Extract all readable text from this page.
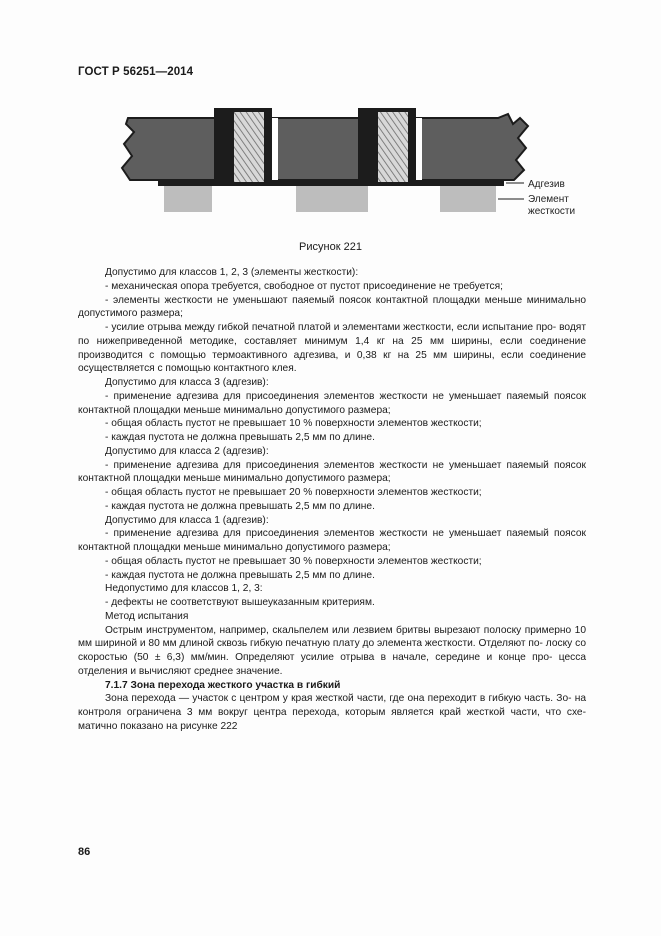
ГОСТ Р 56251—2014
Адгезив
Элемент
жесткости
Рисунок 221

Допустимо для классов 1, 2, 3 (элементы жесткости):

- механическая опора требуется, свободное от пустот присоединение не требуется;

- элементы жесткости не уменьшают паяемый поясок контактной площадки меньше минимально допустимого размера;

- усилие отрыва между гибкой печатной платой и элементами жесткости, если испытание про- водят по нижеприведенной методике, составляет минимум 1,4 кг на 25 мм ширины, если соединение производится с помощью термоактивного адгезива, и 0,38 кг на 25 мм ширины, если соединение осуществляется с помощью контактного клея.

Допустимо для класса 3 (адгезив):

- применение адгезива для присоединения элементов жесткости не уменьшает паяемый поясок контактной площадки меньше минимально допустимого размера;

- общая область пустот не превышает 10 % поверхности элементов жесткости;

- каждая пустота не должна превышать 2,5 мм по длине.

Допустимо для класса 2 (адгезив):

- применение адгезива для присоединения элементов жесткости не уменьшает паяемый поясок контактной площадки меньше минимально допустимого размера;

- общая область пустот не превышает 20 % поверхности элементов жесткости;

- каждая пустота не должна превышать 2,5 мм по длине.

Допустимо для класса 1 (адгезив):

- применение адгезива для присоединения элементов жесткости не уменьшает паяемый поясок контактной площадки меньше минимально допустимого размера;

- общая область пустот не превышает 30 % поверхности элементов жесткости;

- каждая пустота не должна превышать 2,5 мм по длине.

Недопустимо для классов 1, 2, 3:

- дефекты не соответствуют вышеуказанным критериям.

Метод испытания

Острым инструментом, например, скальпелем или лезвием бритвы вырезают полоску примерно 10 мм шириной и 80 мм длиной сквозь гибкую печатную плату до элемента жесткости. Отделяют по- лоску со скоростью (50 ± 6,3) мм/мин. Определяют усилие отрыва в начале, середине и конце про- цесса отделения и вычисляют среднее значение.

7.1.7 Зона перехода жесткого участка в гибкий

Зона перехода — участок с центром у края жесткой части, где она переходит в гибкую часть. Зо- на контроля ограничена 3 мм вокруг центра перехода, которым является край жесткой части, что схе- матично показано на рисунке 222

86
